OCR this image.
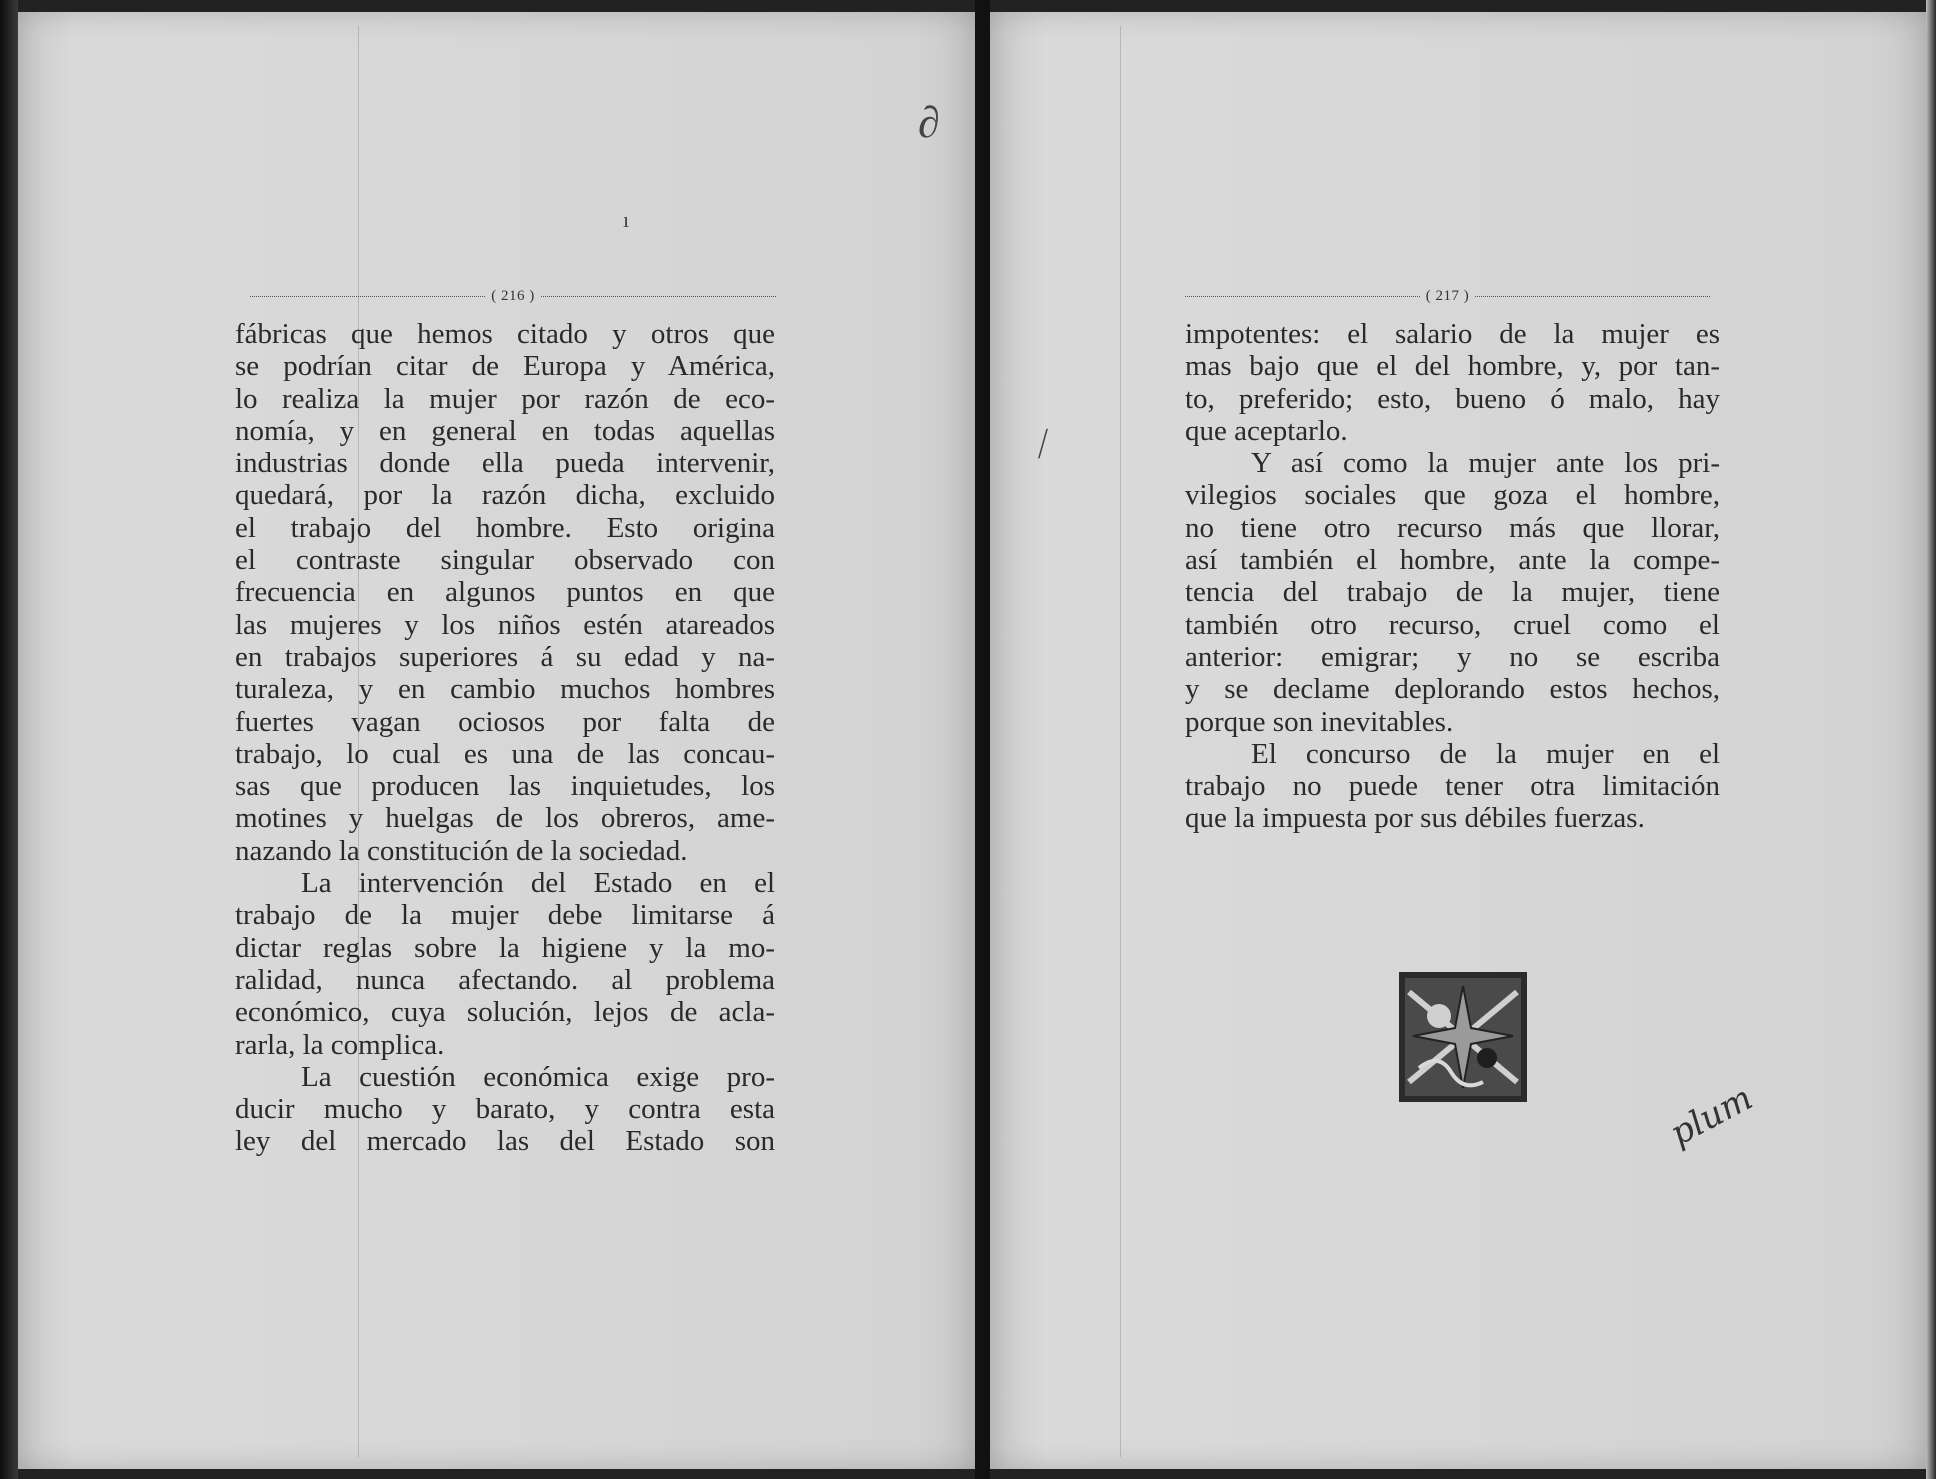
∂
ı
( 216 )
fábricas que hemos citado y otros que
se podrían citar de Europa y América,
lo realiza la mujer por razón de eco-
nomía, y en general en todas aquellas
industrias donde ella pueda intervenir,
quedará, por la razón dicha, excluido
el trabajo del hombre. Esto origina
el contraste singular observado con
frecuencia en algunos puntos en que
las mujeres y los niños estén atareados
en trabajos superiores á su edad y na-
turaleza, y en cambio muchos hombres
fuertes vagan ociosos por falta de
trabajo, lo cual es una de las concau-
sas que producen las inquietudes, los
motines y huelgas de los obreros, ame-
nazando la constitución de la sociedad.
La intervención del Estado en el
trabajo de la mujer debe limitarse á
dictar reglas sobre la higiene y la mo-
ralidad, nunca afectando. al problema
económico, cuya solución, lejos de acla-
rarla, la complica.
La cuestión económica exige pro-
ducir mucho y barato, y contra esta
ley del mercado las del Estado son
⁄
( 217 )
impotentes: el salario de la mujer es
mas bajo que el del hombre, y, por tan-
to, preferido; esto, bueno ó malo, hay
que aceptarlo.
Y así como la mujer ante los pri-
vilegios sociales que goza el hombre,
no tiene otro recurso más que llorar,
así también el hombre, ante la compe-
tencia del trabajo de la mujer, tiene
también otro recurso, cruel como el
anterior: emigrar; y no se escriba
y se declame deplorando estos hechos,
porque son inevitables.
El concurso de la mujer en el
trabajo no puede tener otra limitación
que la impuesta por sus débiles fuerzas.
plum
